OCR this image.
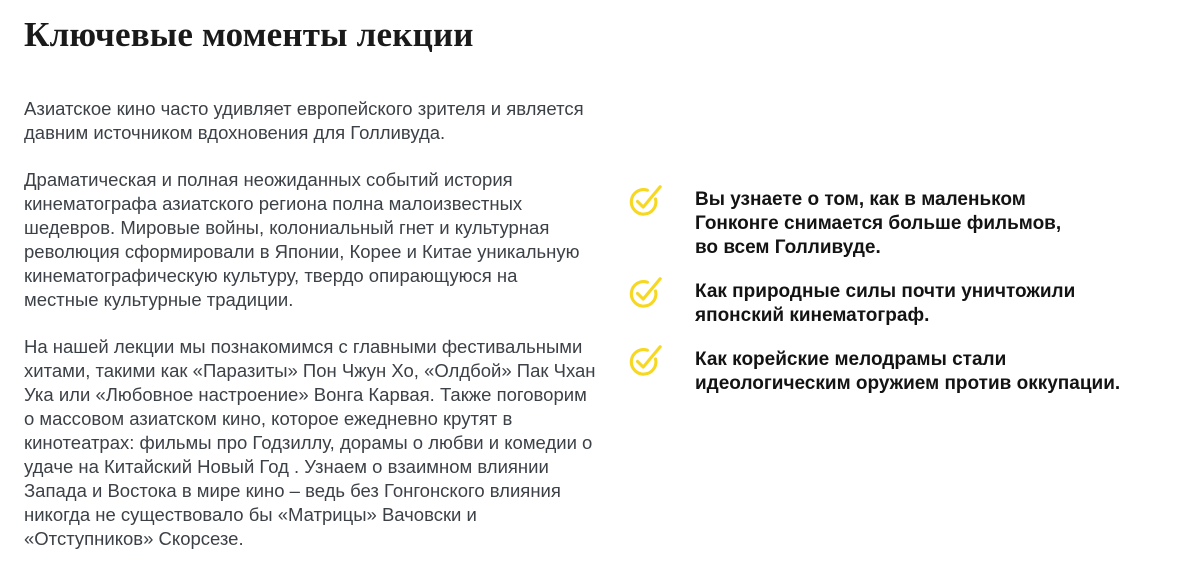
Ключевые моменты лекции

Азиатское кино часто удивляет европейского зрителя и является
давним источником вдохновения для Голливуда.

Драматическая и полная неожиданных событий история
кинематографа азиатского региона полна малоизвестных
шедевров. Мировые войны, колониальный гнет и культурная
революция сформировали в Японии, Корее и Китае уникальную
кинематографическую культуру, твердо опирающуюся на
местные культурные традиции.

На нашей лекции мы познакомимся с главными фестивальными
хитами, такими как «Паразиты» Пон Чжун Хо, «Олдбой» Пак Чхан
Ука или «Любовное настроение» Вонга Карвая. Также поговорим
о массовом азиатском кино, которое ежедневно крутят в
кинотеатрах: фильмы про Годзиллу, дорамы о любви и комедии о
удаче на Китайский Новый Год . Узнаем о взаимном влиянии
Запада и Востока в мире кино – ведь без Гонгонского влияния
никогда не существовало бы «Матрицы» Вачовски и
«Отступников» Скорсезе.

Вы узнаете о том, как в маленьком
Гонконге снимается больше фильмов,
во всем Голливуде.
Как природные силы почти уничтожили
японский кинематограф.
Как корейские мелодрамы стали
идеологическим оружием против оккупации.
